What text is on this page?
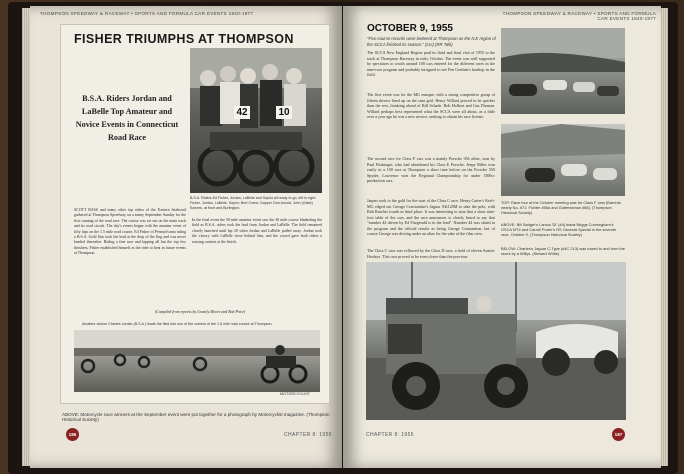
THOMPSON SPEEDWAY & RACEWAY • SPORTS AND FORMULA CAR EVENTS 1940-1977
FISHER TRIUMPHS AT THOMPSON
B.S.A. Riders Jordan and LaBelle Top Amateur and Novice Events in Connecticut Road Race
42	10
B.S.A. Riders Ed Fisher, Jordan, LaBelle and Saylor all ready to go, left to right: Fisher, Jordan, LaBelle, Saylor; Bert Crane, Dapper Dan Arnold, John (Gabe) Sowers, at front and Burlington.
SCOTT BASS and many other top riders of the Eastern Seaboard gathered at Thompson Speedway on a sunny September Sunday for the first running of the road race. The course was set out on the main track and its road circuit. The day's events began with the amateur event of fifty laps on the 1.5 mile road course. Ed Fisher of Pennsylvania riding a B.S.A. Gold Star took the lead at the drop of the flag and was never headed thereafter. Riding a fine race and lapping all but the top few finishers, Fisher established himself as the rider to beat in future events at Thompson.
In the final event the 50 mile amateur event saw the 30 mile course blanketing the field as B.S.A. riders took the lead from Jordan and LaBelle. The field remained closely bunched until lap 20 when Jordan and LaBelle pulled away. Jordan took the victory with LaBelle close behind him, and the crowd gave both riders a rousing ovation at the finish.
(Compiled from reports by Grantly Moore and Bob Price)
Amateur winner Charles Jordan (B.S.A.) leads the field into one of the corners of the 1.5 mile road course at Thompson.
MOTORCYCLIST
ABOVE: Motorcycle race winners at the September event were put together for a photograph by Motorcyclist magazine. (Thompson Historical Society)
186	CHAPTER 8: 1955
THOMPSON SPEEDWAY & RACEWAY • SPORTS AND FORMULA CAR EVENTS 1940-1977
OCTOBER 9, 1955
"Five course records were bettered at Thompson as the N.E region of the SCCA finished its season." (ssc) (RR Talk)
The SCCA New England Region paid its third and final visit of 1955 to the track at Thompson Raceway in early October. The event was well supported by spectators to watch around 100 cars entered for the different races in the nine-race program and probably intrigued to see Fen Gerthen's hardtop in the field.
The first event was for the MG marque, with a strong competitive group of fifteen drivers lined up on the start grid. Henry Willard proved to be quicker than the rest, finishing ahead of Bill Schade, Bob Holbert and Gus Ehrman. Willard perhaps best represented what the SCCA were all about, as a little over a year ago he was a new novice, seeking to obtain his race license.
The second race for Class F cars was a mainly Porsche 356 affair, won by Paul Fitzkinger, who had abandoned his Class E Porsche. Jeepy Miles won easily in a 100 race at Thompson a short time before on the Porsche 550 Spyder, Lawrence won the Regional Championship for under 1500cc production cars.
Jaques took to the gold for the start of the Class C race. Henry Carter's Kieft-MG edged out George Constantine's Jaguar XK120M to take the pole, with Bob Rutcher fourth in third place. It was interesting to note that a short nine-foot table of the cars, and the race announcer is clearly heard to say that "number 44 driven by Ed Fitzgerald is in the lead". Number 44 was slated in the program and the official results as being George Constantine, but of course George was driving under an alias for the sake of the film crew.
The Class C race was followed by the Class D race, a field of eleven Austin-Healeys. This race proved to be even closer than the previous
TOP: Race four at the October meeting was for Class F cars (Barrinto nearly No. #71: Fichter #55a and Gutterssman #65). (Thompson Historical Society)
ABOVE: Bill Sadger's Lancia 'DI' (#4) leads Briggs Cunningham's OSCA MT4 and Carroll Porter's RS Osceola Special in the seventh race, October 9. (Thompson Historical Society)
BELOW: Charles's Jaguar C-Type (#4C 213) was towed to and from the races by a Willys. (Stewart White)
CHAPTER 8: 1955	187
